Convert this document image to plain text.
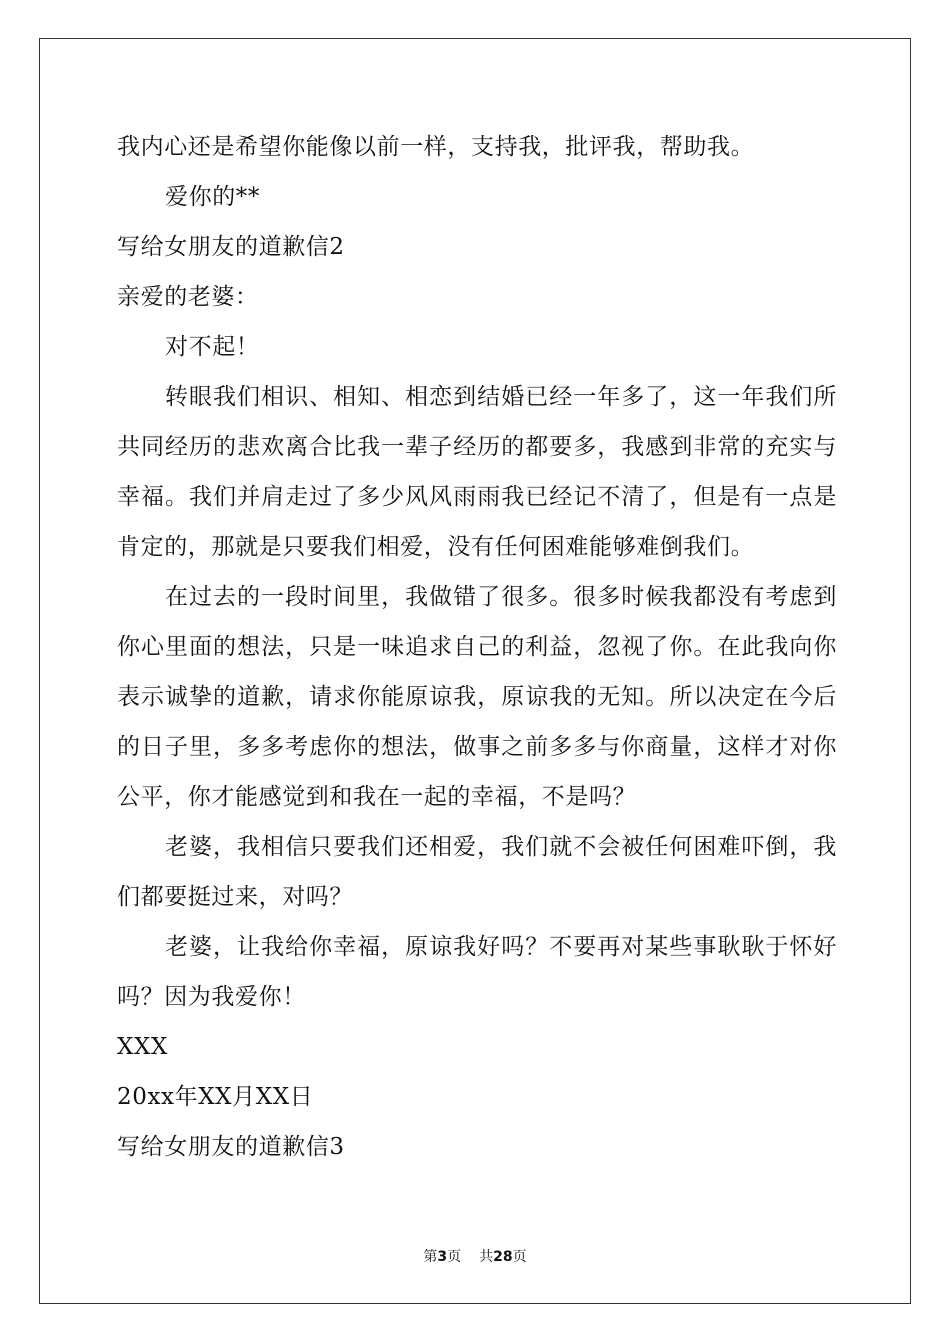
我内心还是希望你能像以前一样，支持我，批评我，帮助我。
爱你的**
写给女朋友的道歉信2
亲爱的老婆：
对不起！
转眼我们相识、相知、相恋到结婚已经一年多了，这一年我们所
共同经历的悲欢离合比我一辈子经历的都要多，我感到非常的充实与
幸福。我们并肩走过了多少风风雨雨我已经记不清了，但是有一点是
肯定的，那就是只要我们相爱，没有任何困难能够难倒我们。
在过去的一段时间里，我做错了很多。很多时候我都没有考虑到
你心里面的想法，只是一味追求自己的利益，忽视了你。在此我向你
表示诚挚的道歉，请求你能原谅我，原谅我的无知。所以决定在今后
的日子里，多多考虑你的想法，做事之前多多与你商量，这样才对你
公平，你才能感觉到和我在一起的幸福，不是吗？
老婆，我相信只要我们还相爱，我们就不会被任何困难吓倒，我
们都要挺过来，对吗？
老婆，让我给你幸福，原谅我好吗？不要再对某些事耿耿于怀好
吗？因为我爱你！
XXX
20xx年XX月XX日
写给女朋友的道歉信3
第3页 共28页
